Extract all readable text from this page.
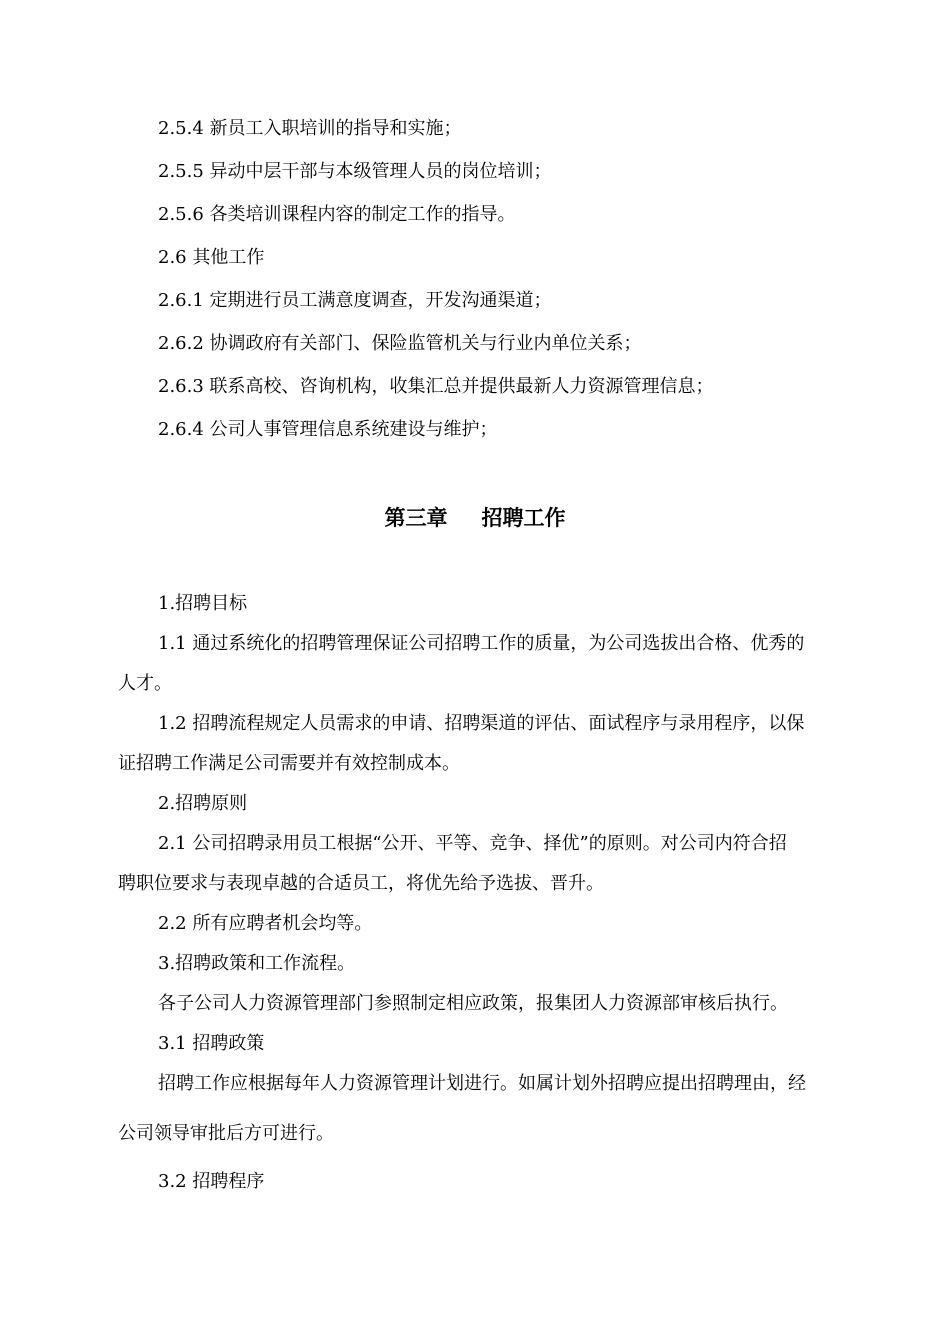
2.5.4 新员工入职培训的指导和实施；
2.5.5 异动中层干部与本级管理人员的岗位培训；
2.5.6 各类培训课程内容的制定工作的指导。
2.6 其他工作
2.6.1 定期进行员工满意度调查，开发沟通渠道；
2.6.2 协调政府有关部门、保险监管机关与行业内单位关系；
2.6.3 联系高校、咨询机构，收集汇总并提供最新人力资源管理信息；
2.6.4 公司人事管理信息系统建设与维护；
第三章 招聘工作
1.招聘目标
1.1 通过系统化的招聘管理保证公司招聘工作的质量，为公司选拔出合格、优秀的
人才。
1.2 招聘流程规定人员需求的申请、招聘渠道的评估、面试程序与录用程序，以保
证招聘工作满足公司需要并有效控制成本。
2.招聘原则
2.1 公司招聘录用员工根据“公开、平等、竞争、择优”的原则。对公司内符合招
聘职位要求与表现卓越的合适员工，将优先给予选拔、晋升。
2.2 所有应聘者机会均等。
3.招聘政策和工作流程。
各子公司人力资源管理部门参照制定相应政策，报集团人力资源部审核后执行。
3.1 招聘政策
招聘工作应根据每年人力资源管理计划进行。如属计划外招聘应提出招聘理由，经
公司领导审批后方可进行。
3.2 招聘程序
